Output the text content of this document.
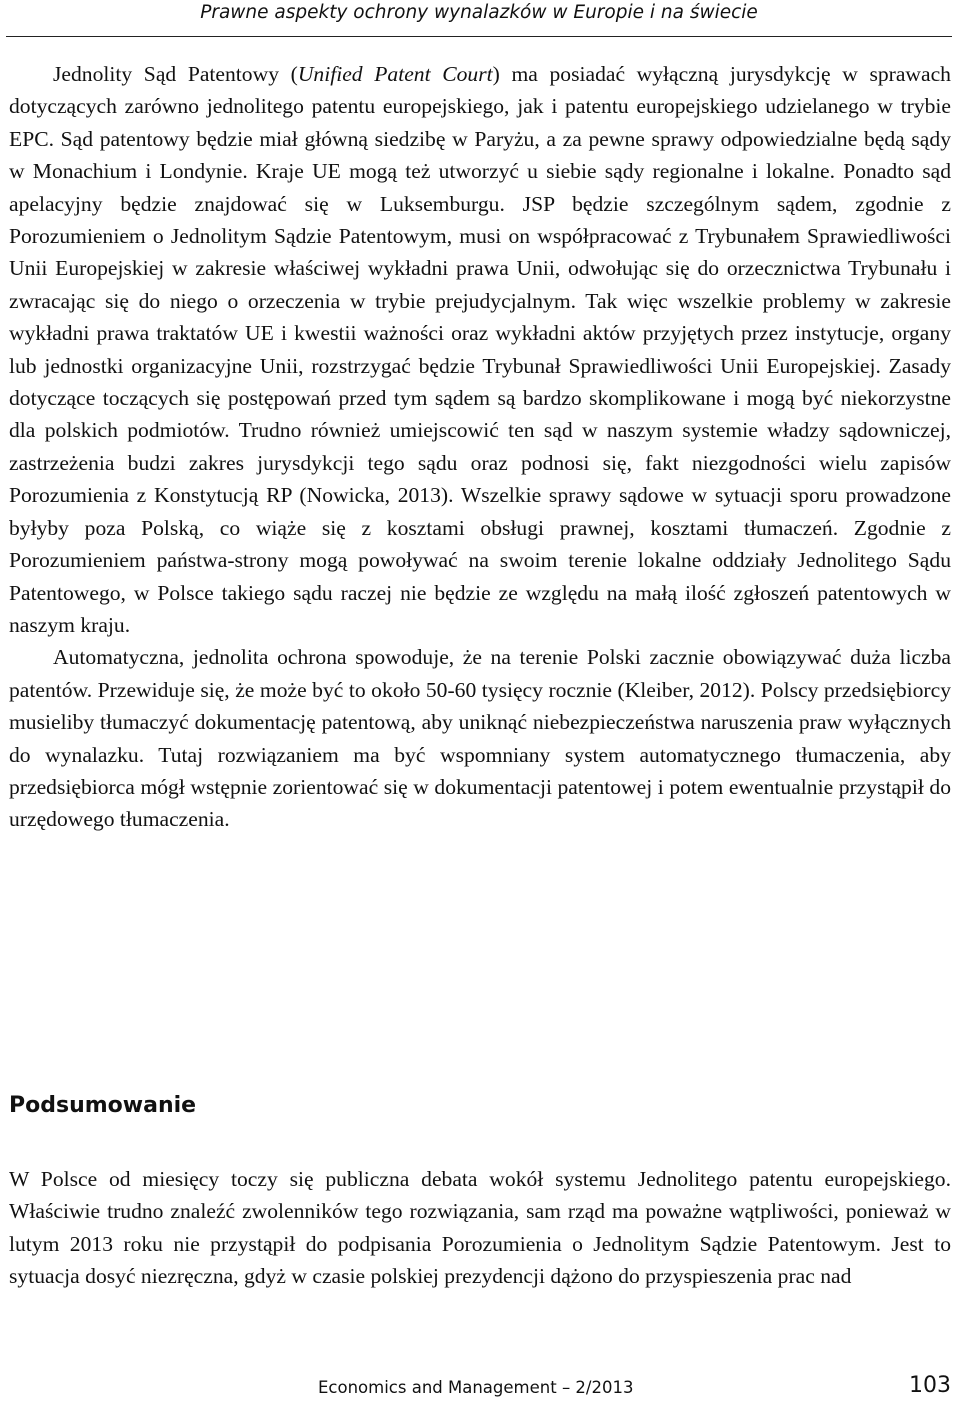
Prawne aspekty ochrony wynalazków w Europie i na świecie

Jednolity Sąd Patentowy (Unified Patent Court) ma posiadać wyłączną jurysdykcję w sprawach dotyczących zarówno jednolitego patentu europejskiego, jak i patentu europejskiego udzielanego w trybie EPC. Sąd patentowy będzie miał główną siedzibę w Paryżu, a za pewne sprawy odpowiedzialne będą sądy w Monachium i Londynie. Kraje UE mogą też utworzyć u siebie sądy regionalne i lokalne. Ponadto sąd apelacyjny będzie znajdować się w Luksemburgu. JSP będzie szczególnym sądem, zgodnie z Porozumieniem o Jednolitym Sądzie Patentowym, musi on współpracować z Trybunałem Sprawiedliwości Unii Europejskiej w zakresie właściwej wykładni prawa Unii, odwołując się do orzecznictwa Trybunału i zwracając się do niego o orzeczenia w trybie prejudycjalnym. Tak więc wszelkie problemy w zakresie wykładni prawa traktatów UE i kwestii ważności oraz wykładni aktów przyjętych przez instytucje, organy lub jednostki organizacyjne Unii, rozstrzygać będzie Trybunał Sprawiedliwości Unii Europejskiej. Zasady dotyczące toczących się postępowań przed tym sądem są bardzo skomplikowane i mogą być niekorzystne dla polskich podmiotów. Trudno również umiejscowić ten sąd w naszym systemie władzy sądowniczej, zastrzeżenia budzi zakres jurysdykcji tego sądu oraz podnosi się, fakt niezgodności wielu zapisów Porozumienia z Konstytucją RP (Nowicka, 2013). Wszelkie sprawy sądowe w sytuacji sporu prowadzone byłyby poza Polską, co wiąże się z kosztami obsługi prawnej, kosztami tłumaczeń. Zgodnie z Porozumieniem państwa-strony mogą powoływać na swoim terenie lokalne oddziały Jednolitego Sądu Patentowego, w Polsce takiego sądu raczej nie będzie ze względu na małą ilość zgłoszeń patentowych w naszym kraju.

Automatyczna, jednolita ochrona spowoduje, że na terenie Polski zacznie obowiązywać duża liczba patentów. Przewiduje się, że może być to około 50-60 tysięcy rocznie (Kleiber, 2012). Polscy przedsiębiorcy musieliby tłumaczyć dokumentację patentową, aby uniknąć niebezpieczeństwa naruszenia praw wyłącznych do wynalazku. Tutaj rozwiązaniem ma być wspomniany system automatycznego tłumaczenia, aby przedsiębiorca mógł wstępnie zorientować się w dokumentacji patentowej i potem ewentualnie przystąpił do urzędowego tłumaczenia.

Podsumowanie

W Polsce od miesięcy toczy się publiczna debata wokół systemu Jednolitego patentu europejskiego. Właściwie trudno znaleźć zwolenników tego rozwiązania, sam rząd ma poważne wątpliwości, ponieważ w lutym 2013 roku nie przystąpił do podpisania Porozumienia o Jednolitym Sądzie Patentowym. Jest to sytuacja dosyć niezręczna, gdyż w czasie polskiej prezydencji dążono do przyspieszenia prac nad

Economics and Management – 2/2013	103
